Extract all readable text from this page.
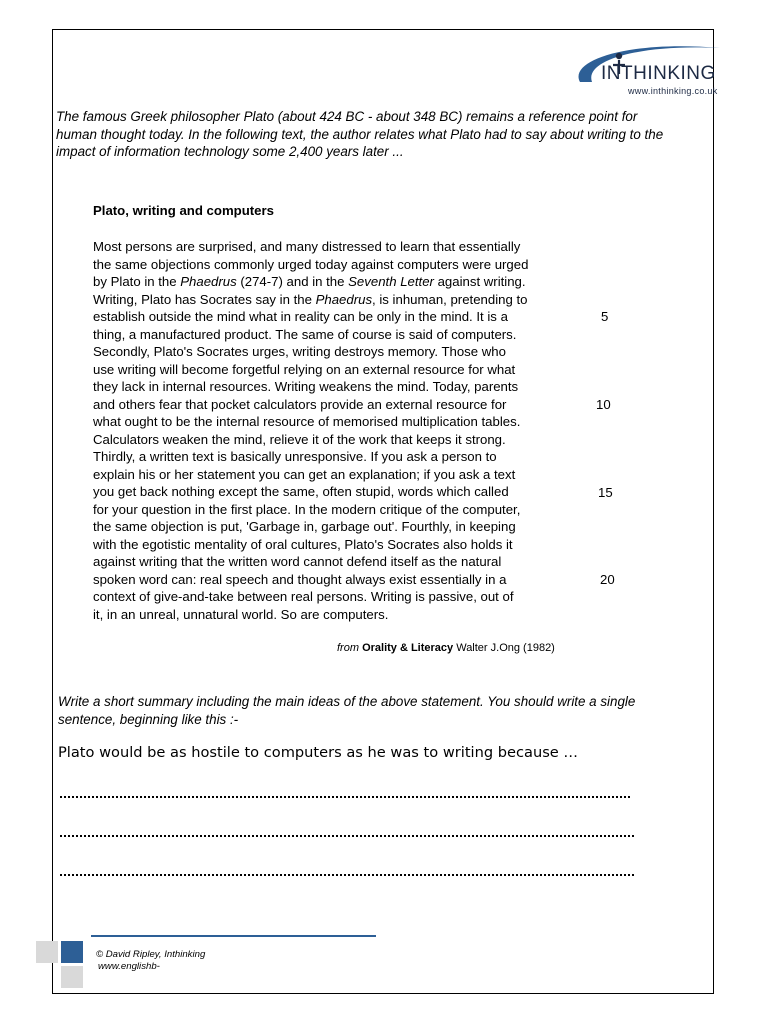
INTHINKING
www.inthinking.co.uk
The famous Greek philosopher Plato (about 424 BC - about 348 BC) remains a reference point for human thought today. In the following text, the author relates what Plato had to say about writing to the impact of information technology some 2,400 years later ...
Plato, writing and computers
Most persons are surprised, and many distressed to learn that essentially
the same objections commonly urged today against computers were urged
by Plato in the Phaedrus (274-7) and in the Seventh Letter against writing.
Writing, Plato has Socrates say in the Phaedrus, is inhuman, pretending to
establish outside the mind what in reality can be only in the mind. It is a
thing, a manufactured product. The same of course is said of computers.
Secondly, Plato's Socrates urges, writing destroys memory. Those who
use writing will become forgetful relying on an external resource for what
they lack in internal resources. Writing weakens the mind. Today, parents
and others fear that pocket calculators provide an external resource for
what ought to be the internal resource of memorised multiplication tables.
Calculators weaken the mind, relieve it of the work that keeps it strong.
Thirdly, a written text is basically unresponsive. If you ask a person to
explain his or her statement you can get an explanation; if you ask a text
you get back nothing except the same, often stupid, words which called
for your question in the first place. In the modern critique of the computer,
the same objection is put, 'Garbage in, garbage out'. Fourthly, in keeping
with the egotistic mentality of oral cultures, Plato's Socrates also holds it
against writing that the written word cannot defend itself as the natural
spoken word can: real speech and thought always exist essentially in a
context of give-and-take between real persons. Writing is passive, out of
it, in an unreal, unnatural world. So are computers.
5
10
15
20
from Orality & Literacy Walter J.Ong (1982)
Write a short summary including the main ideas of the above statement. You should write a single sentence, beginning like this :-
Plato would be as hostile to computers as he was to writing because …
© David Ripley, Inthinking
www.englishb-
